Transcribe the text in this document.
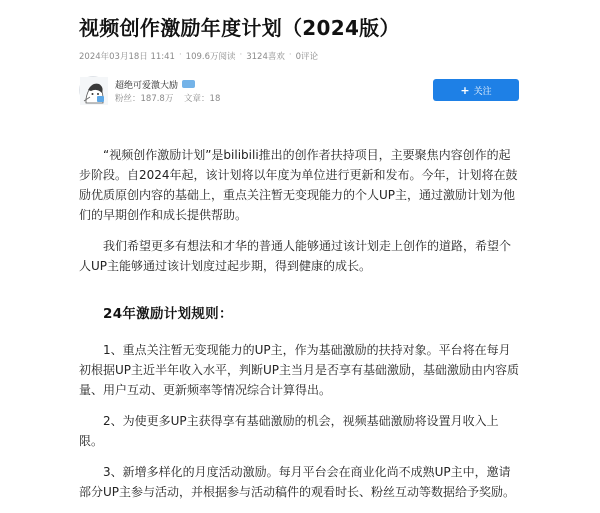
视频创作激励年度计划（2024版）
2024年03月18日 11:41 · 109.6万阅读 · 3124喜欢 · 0评论
超绝可爱激大励
粉丝：187.8万 文章：18
+ 关注

“视频创作激励计划”是bilibili推出的创作者扶持项目，主要聚焦内容创作的起步阶段。自2024年起，该计划将以年度为单位进行更新和发布。今年，计划将在鼓励优质原创内容的基础上，重点关注暂无变现能力的个人UP主，通过激励计划为他们的早期创作和成长提供帮助。

我们希望更多有想法和才华的普通人能够通过该计划走上创作的道路，希望个人UP主能够通过该计划度过起步期，得到健康的成长。

24年激励计划规则：

1、重点关注暂无变现能力的UP主，作为基础激励的扶持对象。平台将在每月初根据UP主近半年收入水平，判断UP主当月是否享有基础激励，基础激励由内容质量、用户互动、更新频率等情况综合计算得出。

2、为使更多UP主获得享有基础激励的机会，视频基础激励将设置月收入上限。

3、新增多样化的月度活动激励。每月平台会在商业化尚不成熟UP主中，邀请部分UP主参与活动，并根据参与活动稿件的观看时长、粉丝互动等数据给予奖励。
